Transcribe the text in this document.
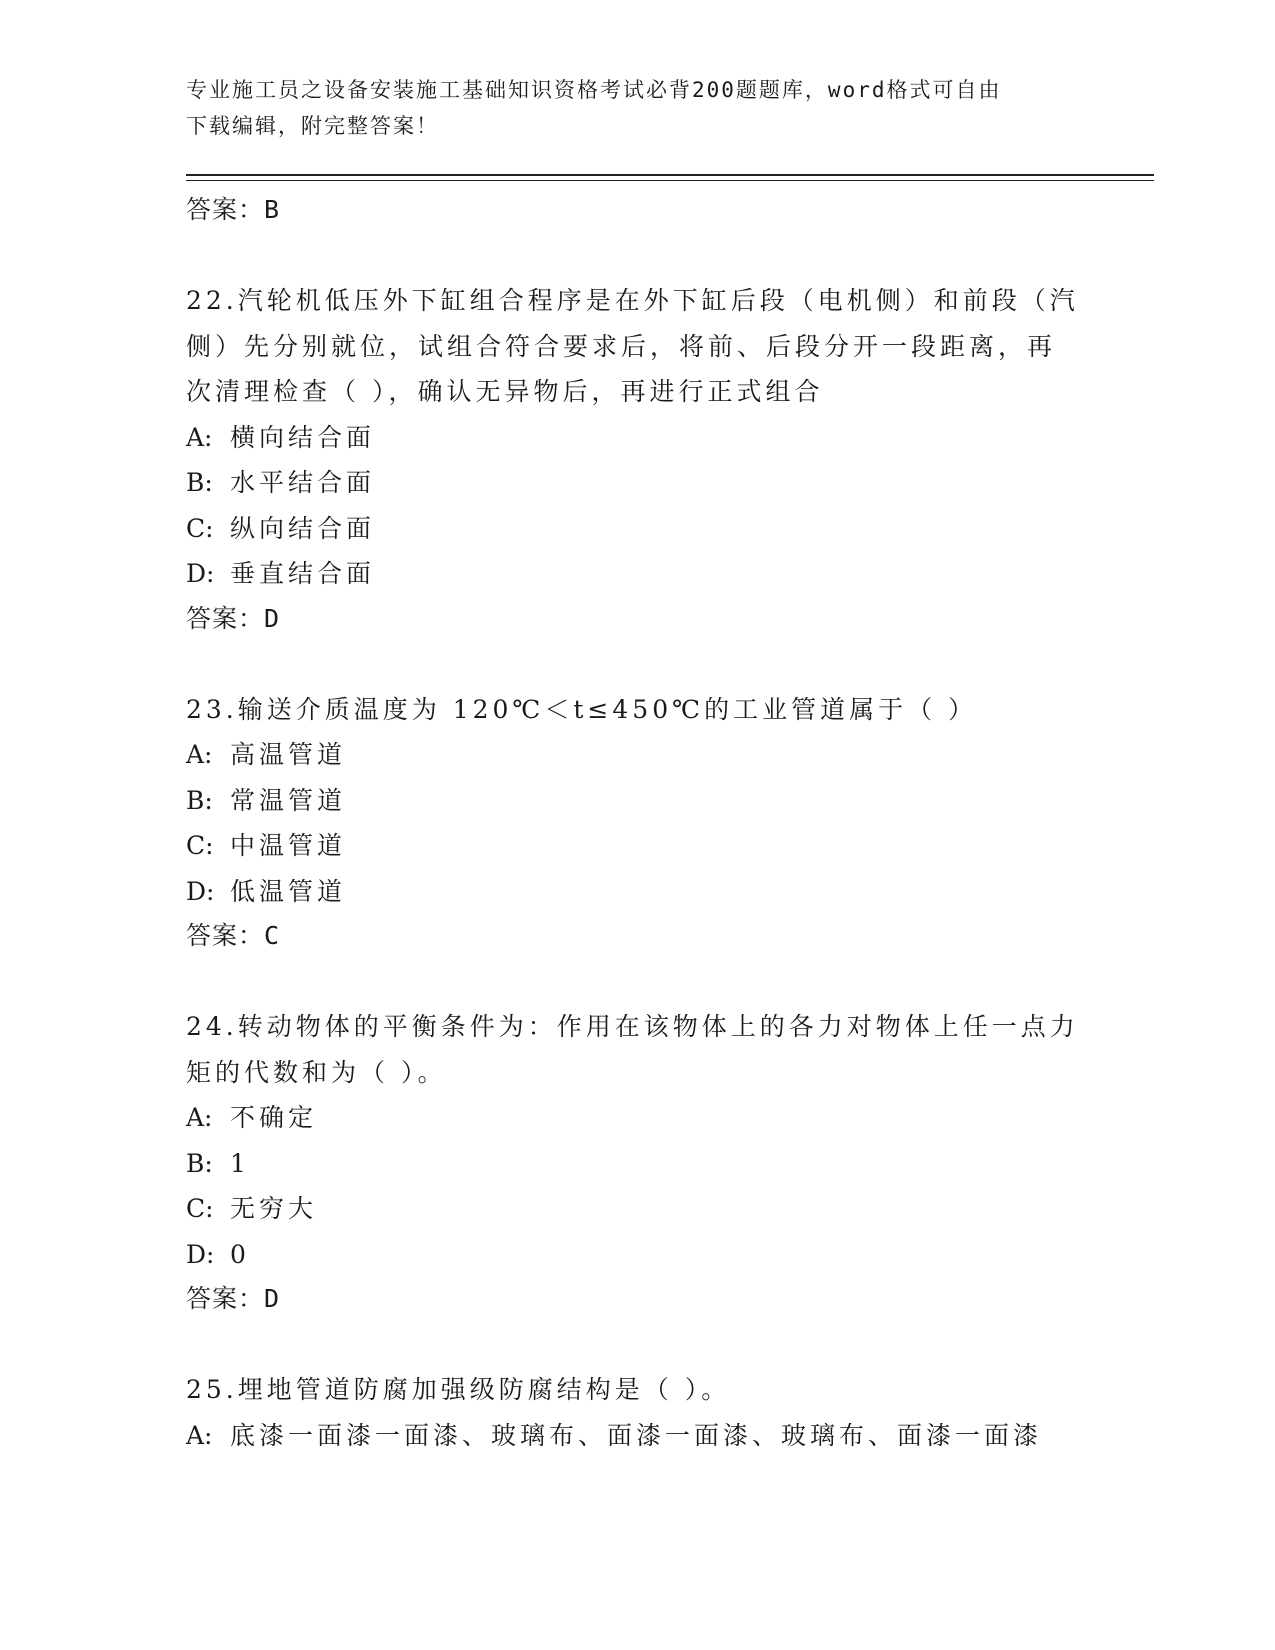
专业施工员之设备安装施工基础知识资格考试必背200题题库，word格式可自由
下载编辑，附完整答案！
答案：B
22.汽轮机低压外下缸组合程序是在外下缸后段（电机侧）和前段（汽
侧）先分别就位，试组合符合要求后，将前、后段分开一段距离，再
次清理检查（ ），确认无异物后，再进行正式组合
A: 横向结合面
B: 水平结合面
C: 纵向结合面
D: 垂直结合面
答案：D
23.输送介质温度为 120℃＜t≤450℃的工业管道属于（ ）
A: 高温管道
B: 常温管道
C: 中温管道
D: 低温管道
答案：C
24.转动物体的平衡条件为：作用在该物体上的各力对物体上任一点力
矩的代数和为（ ）。
A: 不确定
B: 1
C: 无穷大
D: 0
答案：D
25.埋地管道防腐加强级防腐结构是（ ）。
A: 底漆一面漆一面漆、玻璃布、面漆一面漆、玻璃布、面漆一面漆
